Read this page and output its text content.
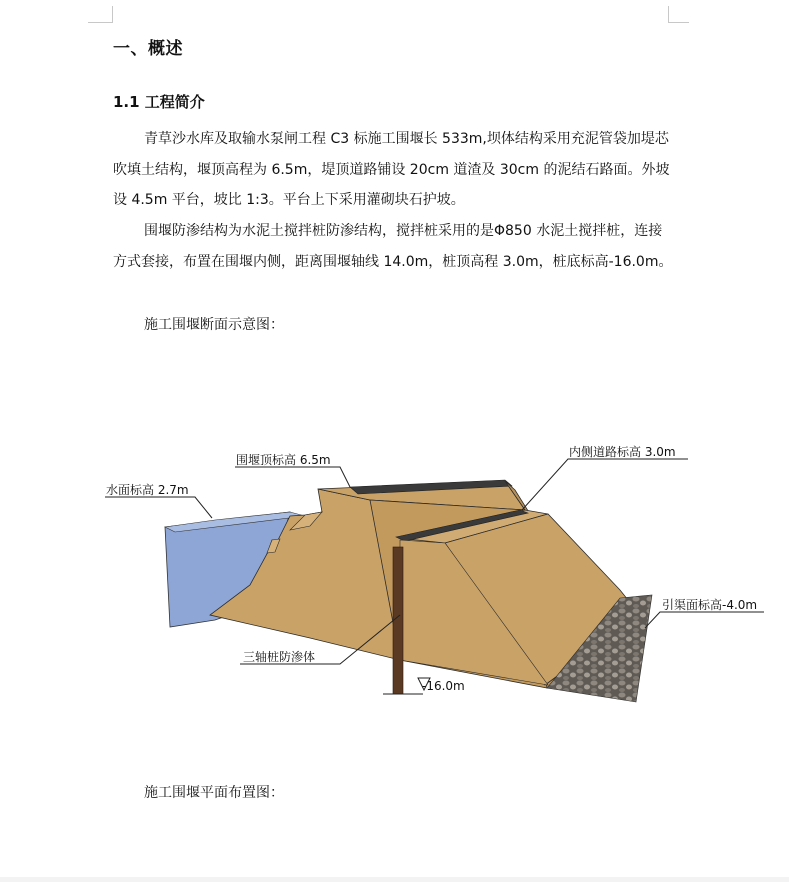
一、概述
1.1 工程简介

青草沙水库及取输水泵闸工程 C3 标施工围堰长 533m,坝体结构采用充泥管袋加堤芯吹填土结构，堰顶高程为 6.5m，堤顶道路铺设 20cm 道渣及 30cm 的泥结石路面。外坡设 4.5m 平台，坡比 1:3。平台上下采用灌砌块石护坡。

围堰防渗结构为水泥土搅拌桩防渗结构，搅拌桩采用的是Φ850 水泥土搅拌桩，连接方式套接，布置在围堰内侧，距离围堰轴线 14.0m，桩顶高程 3.0m，桩底标高-16.0m。

施工围堰断面示意图：

围堰顶标高 6.5m
内侧道路标高 3.0m
水面标高 2.7m
引渠面标高-4.0m
三轴桩防渗体
-16.0m

施工围堰平面布置图：
